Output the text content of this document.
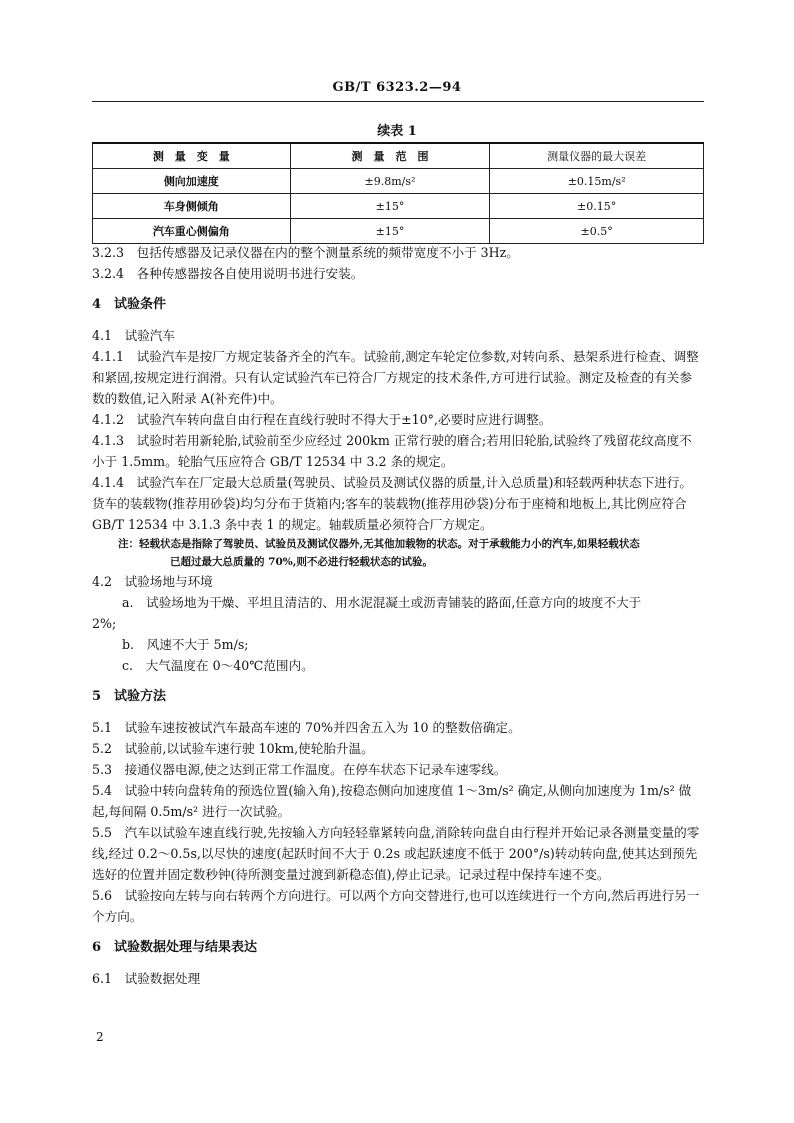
GB/T 6323.2—94
续表 1
测　量　变　量	测　量　范　围	测量仪器的最大误差
侧向加速度	±9.8m/s²	±0.15m/s²
车身侧倾角	±15°	±0.15°
汽车重心侧偏角	±15°	±0.5°

3.2.3　包括传感器及记录仪器在内的整个测量系统的频带宽度不小于 3Hz。

3.2.4　各种传感器按各自使用说明书进行安装。

4　试验条件

4.1　试验汽车

4.1.1　试验汽车是按厂方规定装备齐全的汽车。试验前,测定车轮定位参数,对转向系、悬架系进行检查、调整和紧固,按规定进行润滑。只有认定试验汽车已符合厂方规定的技术条件,方可进行试验。测定及检查的有关参数的数值,记入附录 A(补充件)中。

4.1.2　试验汽车转向盘自由行程在直线行驶时不得大于±10°,必要时应进行调整。

4.1.3　试验时若用新轮胎,试验前至少应经过 200km 正常行驶的磨合;若用旧轮胎,试验终了残留花纹高度不小于 1.5mm。轮胎气压应符合 GB/T 12534 中 3.2 条的规定。

4.1.4　试验汽车在厂定最大总质量(驾驶员、试验员及测试仪器的质量,计入总质量)和轻载两种状态下进行。货车的装载物(推荐用砂袋)均匀分布于货箱内;客车的装载物(推荐用砂袋)分布于座椅和地板上,其比例应符合 GB/T 12534 中 3.1.3 条中表 1 的规定。轴载质量必须符合厂方规定。

注：轻载状态是指除了驾驶员、试验员及测试仪器外,无其他加载物的状态。对于承载能力小的汽车,如果轻载状态
已超过最大总质量的 70%,则不必进行轻载状态的试验。

4.2　试验场地与环境

a.　试验场地为干燥、平坦且清洁的、用水泥混凝土或沥青铺装的路面,任意方向的坡度不大于

2%;

b.　风速不大于 5m/s;

c.　大气温度在 0～40℃范围内。

5　试验方法

5.1　试验车速按被试汽车最高车速的 70%并四舍五入为 10 的整数倍确定。

5.2　试验前,以试验车速行驶 10km,使轮胎升温。

5.3　接通仪器电源,使之达到正常工作温度。在停车状态下记录车速零线。

5.4　试验中转向盘转角的预选位置(输入角),按稳态侧向加速度值 1～3m/s² 确定,从侧向加速度为 1m/s² 做起,每间隔 0.5m/s² 进行一次试验。

5.5　汽车以试验车速直线行驶,先按输入方向轻轻靠紧转向盘,消除转向盘自由行程并开始记录各测量变量的零线,经过 0.2～0.5s,以尽快的速度(起跃时间不大于 0.2s 或起跃速度不低于 200°/s)转动转向盘,使其达到预先选好的位置并固定数秒钟(待所测变量过渡到新稳态值),停止记录。记录过程中保持车速不变。

5.6　试验按向左转与向右转两个方向进行。可以两个方向交替进行,也可以连续进行一个方向,然后再进行另一个方向。

6　试验数据处理与结果表达

6.1　试验数据处理

2
